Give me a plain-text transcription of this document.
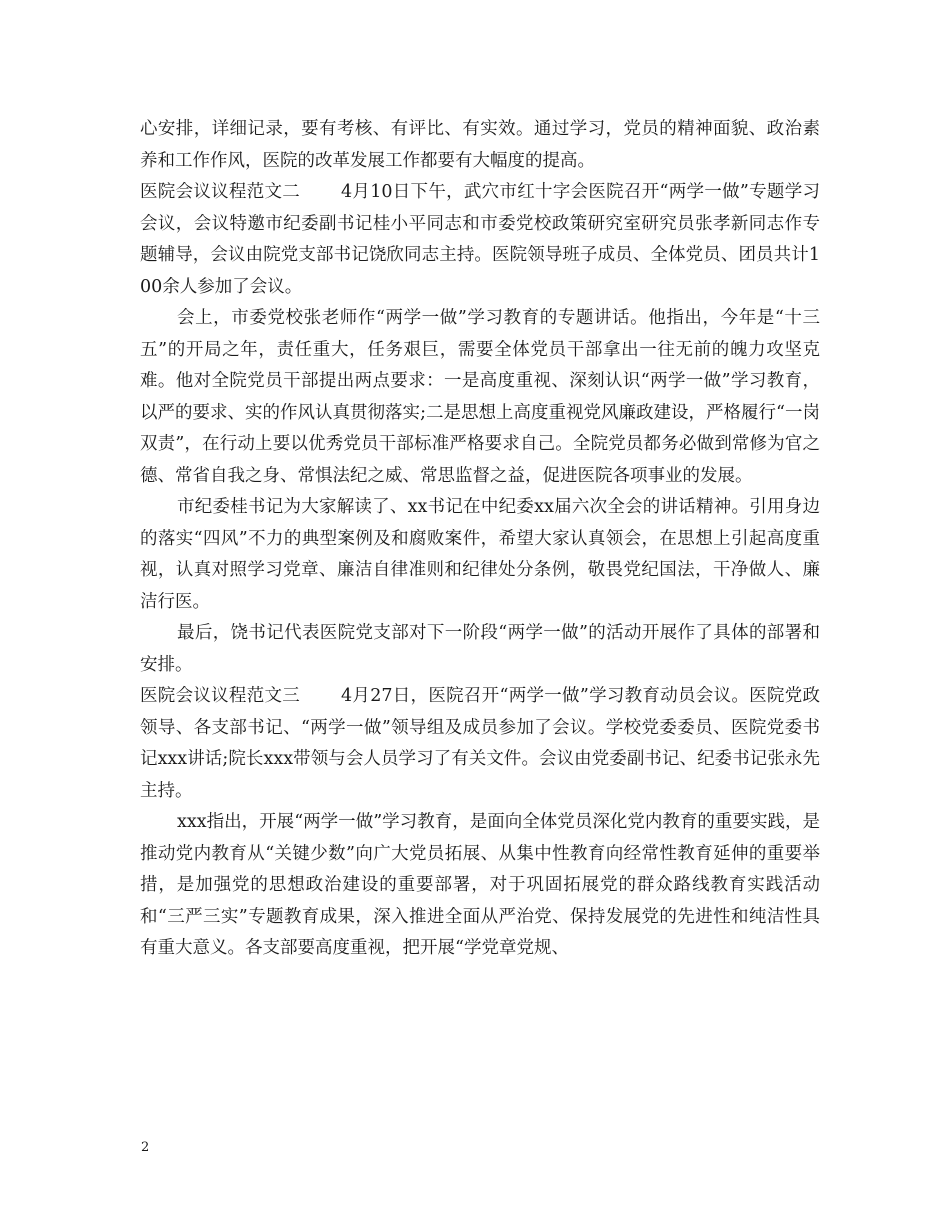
心安排，详细记录，要有考核、有评比、有实效。通过学习，党员的精神面貌、政治素养和工作作风，医院的改革发展工作都要有大幅度的提高。

医院会议议程范文二       4月10日下午，武穴市红十字会医院召开“两学一做”专题学习会议，会议特邀市纪委副书记桂小平同志和市委党校政策研究室研究员张孝新同志作专题辅导，会议由院党支部书记饶欣同志主持。医院领导班子成员、全体党员、团员共计100余人参加了会议。

会上，市委党校张老师作“两学一做”学习教育的专题讲话。他指出，今年是“十三五”的开局之年，责任重大，任务艰巨，需要全体党员干部拿出一往无前的魄力攻坚克难。他对全院党员干部提出两点要求：一是高度重视、深刻认识“两学一做”学习教育，以严的要求、实的作风认真贯彻落实;二是思想上高度重视党风廉政建设，严格履行“一岗双责”，在行动上要以优秀党员干部标准严格要求自己。全院党员都务必做到常修为官之德、常省自我之身、常惧法纪之威、常思监督之益，促进医院各项事业的发展。

市纪委桂书记为大家解读了、xx书记在中纪委xx届六次全会的讲话精神。引用身边的落实“四风”不力的典型案例及和腐败案件，希望大家认真领会，在思想上引起高度重视，认真对照学习党章、廉洁自律准则和纪律处分条例，敬畏党纪国法，干净做人、廉洁行医。

最后，饶书记代表医院党支部对下一阶段“两学一做”的活动开展作了具体的部署和安排。

医院会议议程范文三       4月27日，医院召开“两学一做”学习教育动员会议。医院党政领导、各支部书记、“两学一做”领导组及成员参加了会议。学校党委委员、医院党委书记xxx讲话;院长xxx带领与会人员学习了有关文件。会议由党委副书记、纪委书记张永先主持。

xxx指出，开展“两学一做”学习教育，是面向全体党员深化党内教育的重要实践，是推动党内教育从“关键少数”向广大党员拓展、从集中性教育向经常性教育延伸的重要举措，是加强党的思想政治建设的重要部署，对于巩固拓展党的群众路线教育实践活动和“三严三实”专题教育成果，深入推进全面从严治党、保持发展党的先进性和纯洁性具有重大意义。各支部要高度重视，把开展“学党章党规、

2
